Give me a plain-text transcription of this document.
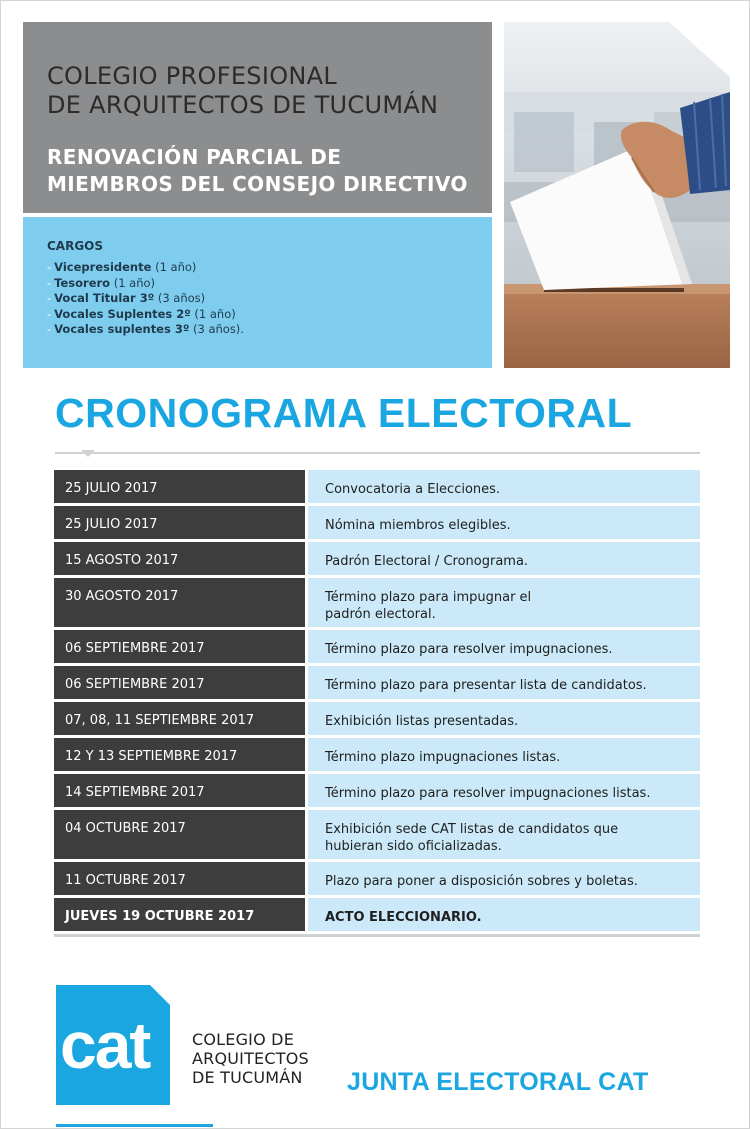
COLEGIO PROFESIONAL
DE ARQUITECTOS DE TUCUMÁN
RENOVACIÓN PARCIAL DE
MIEMBROS DEL CONSEJO DIRECTIVO
CARGOS
- Vicepresidente (1 año)
- Tesorero (1 año)
- Vocal Titular 3º (3 años)
- Vocales Suplentes 2º (1 año)
- Vocales suplentes 3º (3 años).
CRONOGRAMA ELECTORAL
25 JULIO 2017	Convocatoria a Elecciones.
25 JULIO 2017	Nómina miembros elegibles.
15 AGOSTO 2017	Padrón Electoral / Cronograma.
30 AGOSTO 2017	Término plazo para impugnar el
padrón electoral.
06 SEPTIEMBRE 2017	Término plazo para resolver impugnaciones.
06 SEPTIEMBRE 2017	Término plazo para presentar lista de candidatos.
07, 08, 11 SEPTIEMBRE 2017	Exhibición listas presentadas.
12 Y 13 SEPTIEMBRE 2017	Término plazo impugnaciones listas.
14 SEPTIEMBRE 2017	Término plazo para resolver impugnaciones listas.
04 OCTUBRE 2017	Exhibición sede CAT listas de candidatos que
hubieran sido oficializadas.
11 OCTUBRE 2017	Plazo para poner a disposición sobres y boletas.
JUEVES 19 OCTUBRE 2017	ACTO ELECCIONARIO.
cat	COLEGIO DE
ARQUITECTOS
DE TUCUMÁN JUNTA ELECTORAL CAT
